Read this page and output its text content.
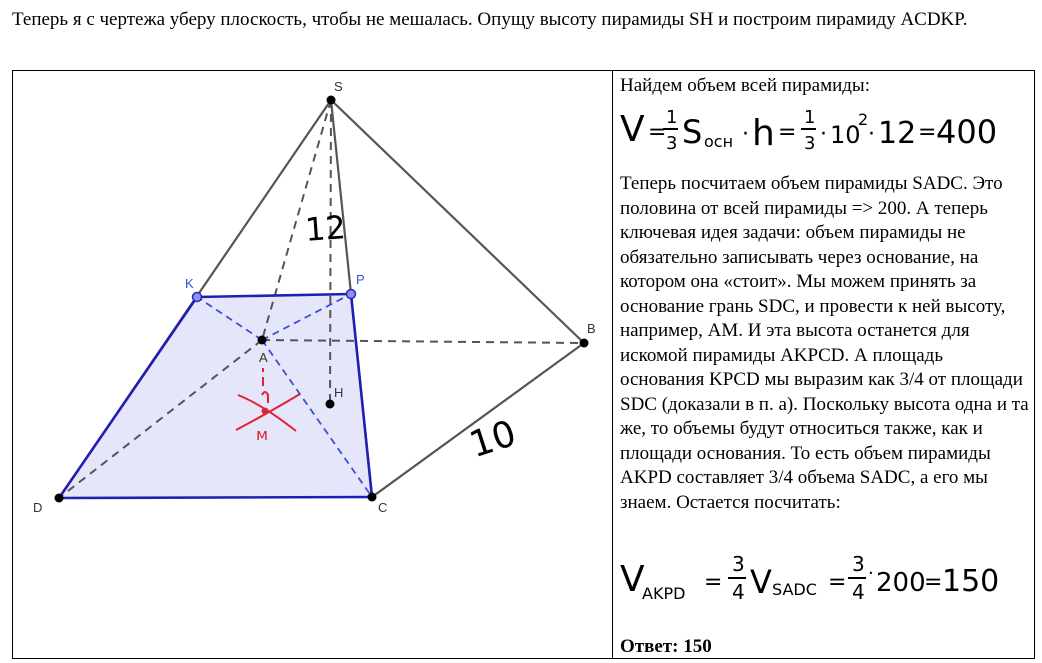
Теперь я с чертежа уберу плоскость, чтобы не мешалась. Опущу высоту пирамиды SH и построим пирамиду ACDKP.
S
K	P
A
B
H
D	C
12
10
м
Найдем объем всей пирамиды:
V =
1
3 S осн · h =
1
3 · 10
2
· 12 = 400
Теперь посчитаем объем пирамиды SADC. Это половина от всей пирамиды => 200. А теперь ключевая идея задачи: объем пирамиды не обязательно записывать через основание, на котором она «стоит». Мы можем принять за основание грань SDC, и провести к ней высоту, например, AM. И эта высота останется для искомой пирамиды AKPCD. А площадь основания KPCD мы выразим как 3/4 от площади SDC (доказали в п. а). Поскольку высота одна и та же, то объемы будут относиться также, как и площади основания. То есть объем пирамиды AKPD составляет 3/4 объема SADC, а его мы знаем. Остается посчитать:
V
AKPD =
3
4 V SADC =
3
4
· 200
= 150
Ответ: 150
